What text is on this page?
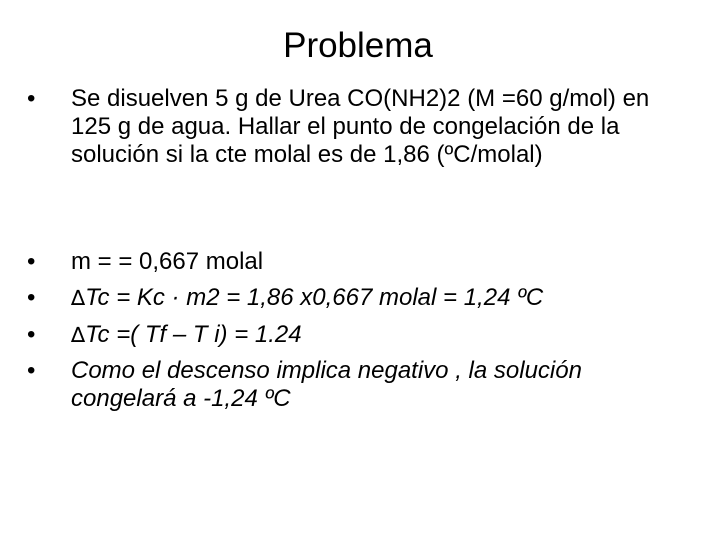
Problema
•	Se disuelven 5 g de Urea CO(NH2)2 (M =60 g/mol) en 125 g de agua. Hallar el punto de congelación de la solución si la cte molal es de 1,86 (ºC/molal)
•	m = = 0,667 molal
•	∆Tc = Kc · m2 = 1,86 x0,667 molal = 1,24 ºC
•	∆Tc =( Tf – T i) = 1.24
•	Como el descenso implica negativo , la solución congelará a -1,24 ºC
